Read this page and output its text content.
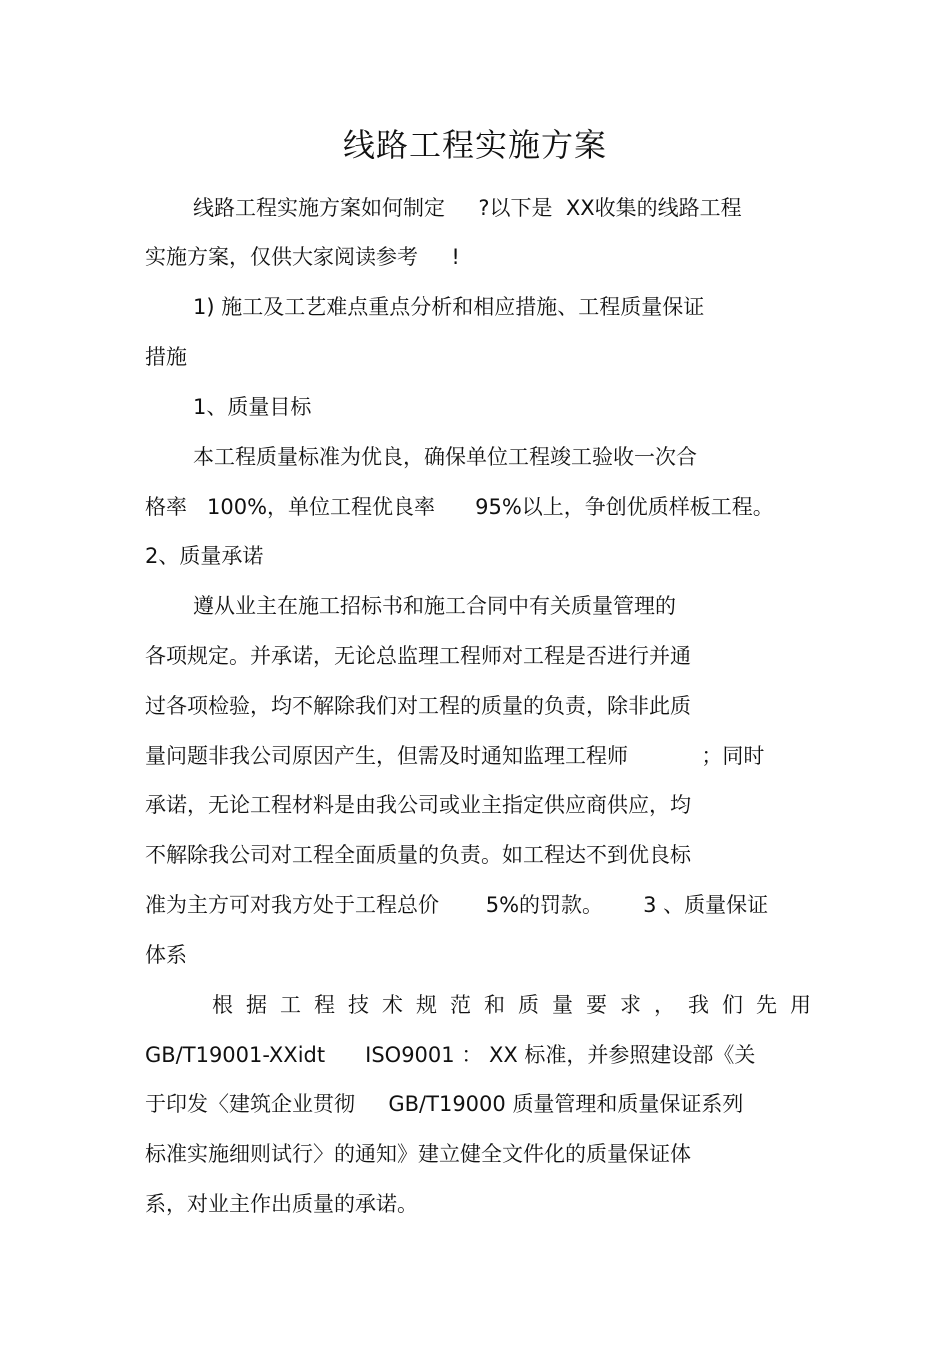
线路工程实施方案
线路工程实施方案如何制定     ?以下是  XX收集的线路工程
实施方案，仅供大家阅读参考     !
1) 施工及工艺难点重点分析和相应措施、工程质量保证
措施
1、质量目标
本工程质量标准为优良，确保单位工程竣工验收一次合
格率   100%，单位工程优良率      95%以上，争创优质样板工程。
2、质量承诺
遵从业主在施工招标书和施工合同中有关质量管理的
各项规定。并承诺，无论总监理工程师对工程是否进行并通
过各项检验，均不解除我们对工程的质量的负责，除非此质
量问题非我公司原因产生，但需及时通知监理工程师           ；同时
承诺，无论工程材料是由我公司或业主指定供应商供应，均
不解除我公司对工程全面质量的负责。如工程达不到优良标
准为主方可对我方处于工程总价       5%的罚款。      3 、质量保证
体系
根据工程技术规范和质量要求，我们先用
GB/T19001-XXidt      ISO9001 ： XX 标准，并参照建设部《关
于印发〈建筑企业贯彻     GB/T19000 质量管理和质量保证系列
标准实施细则试行〉的通知》建立健全文件化的质量保证体
系，对业主作出质量的承诺。
